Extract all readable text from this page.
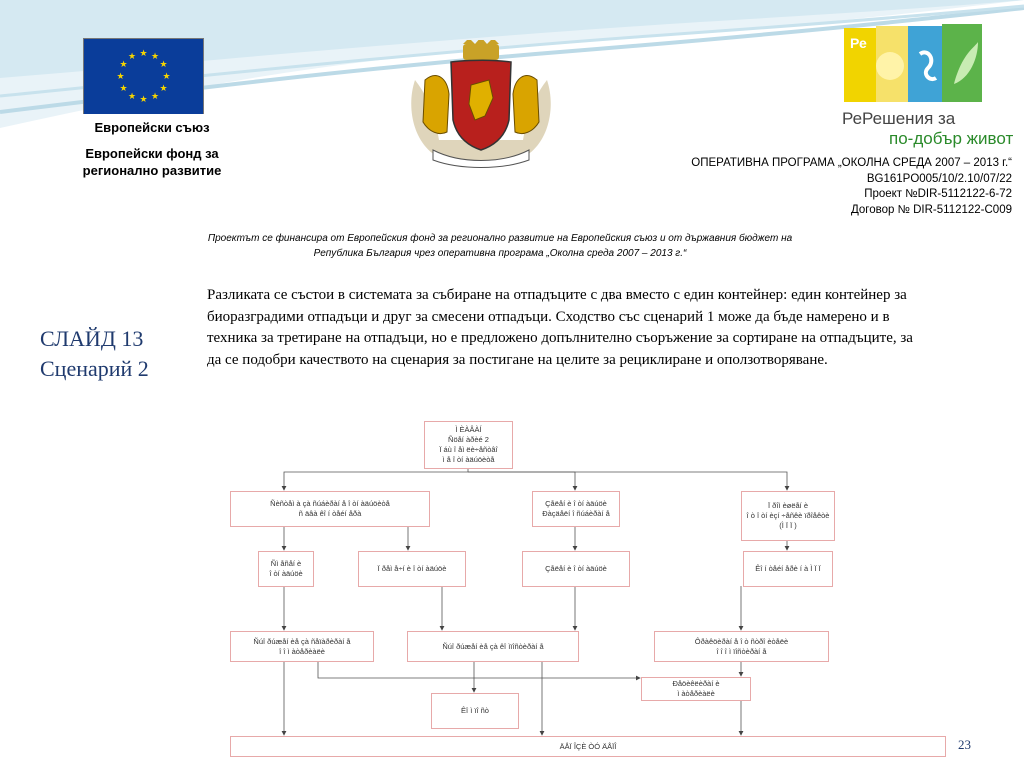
★ ★
★
★
★
★
★
★
★
★
★
★
Европейски съюз
Европейски фонд за регионално развитие
Ре
РеРешения за
по-добър живот
ОПЕРАТИВНА ПРОГРАМА „ОКОЛНА СРЕДА 2007 – 2013 г.“
BG161PO005/10/2.10/07/22
Проект №DIR-5112122-6-72
Договор № DIR-5112122-C009
Проектът се финансира от Европейския фонд за регионално развитие на Европейския съюз и от държавния бюджет на
Република България чрез оперативна програма „Околна среда 2007 – 2013 г.“
СЛАЙД 13
Сценарий 2
Разликата се състои в системата за събиране на отпадъците с два вместо с един контейнер: един контейнер за биоразградими отпадъци и друг за смесени отпадъци. Сходство със сценарий 1 може да бъде намерено и в техника за третиране на отпадъци, но е предложено допълнително съоръжение за сортиране на отпадъците, за да се подобри качеството на сценария за постигане на целите за рециклиране и оползотворяване.
Ì ÈÀÂÀÍ
Ñöåí àðèé 2
Ï áù î åì ëè÷åñòâî
ì å î òí àäúöèòå
Ñèñòåì à çà ñúáèðàí å î òí àäúöèòå
ñ äâà êî í òåéí åðà
Çåëåí è î òí àäúöè
Ðàçäåëí î ñúáèðàí å
Ï ðîì èøëåí è
î ò î òí èçí ÷åñêè ïðîåêòè
(Ì Ï Ï )
Ñì åñåí è
î òí àäúöè
Ï ðåì å÷í è î òí àäúöè	Çåëåí è î òí àäúöè	Êî í òåéí åðè í à Ì Ï Ï
Ñúî ðúæåí èå çà ñåïàðèðàí å
î î ì àòåðèàëè
Ñúî ðúæåí èå çà êî ìïîñòèðàí å
Ôðàêöèðàí å î ò ñòðî èòåëè
î î î ì ïîñòèðàí å
Ðåöèêëèðàí è
ì àòåðèàëè
Êî ì ïî ñò
ÄÅÏ ÎÇÈ ÒÓ ÄÅÏÎ	23
